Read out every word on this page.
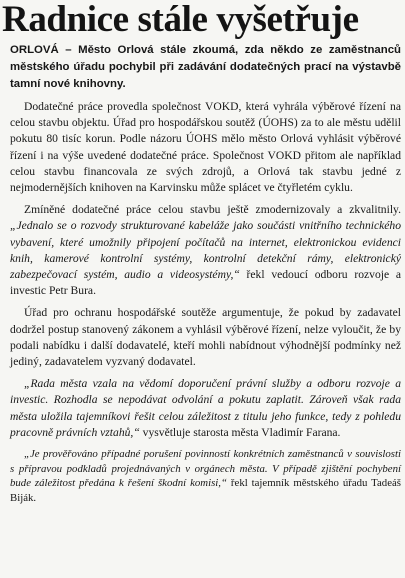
Radnice stále vyšetřuje

ORLOVÁ – Město Orlová stále zkoumá, zda někdo ze zaměstnanců městského úřadu pochybil při zadávání dodatečných prací na výstavbě tamní nové knihovny.

Dodatečné práce provedla společnost VOKD, která vyhrála výběrové řízení na celou stavbu objektu. Úřad pro hospodářskou soutěž (ÚOHS) za to ale městu udělil pokutu 80 tisíc korun. Podle názoru ÚOHS mělo město Orlová vyhlásit výběrové řízení i na výše uvedené dodatečné práce. Společnost VOKD přitom ale například celou stavbu financovala ze svých zdrojů, a Orlová tak stavbu jedné z nejmodernějších knihoven na Karvinsku může splácet ve čtyřletém cyklu.

Zmíněné dodatečné práce celou stavbu ještě zmodernizovaly a zkvalitnily. „Jednalo se o rozvody strukturované kabeláže jako součásti vnitřního technického vybavení, které umožnily připojení počítačů na internet, elektronickou evidenci knih, kamerové kontrolní systémy, kontrolní detekční rámy, elektronický zabezpečovací systém, audio a videosystémy,“ řekl vedoucí odboru rozvoje a investic Petr Bura.

Úřad pro ochranu hospodářské soutěže argumentuje, že pokud by zadavatel dodržel postup stanovený zákonem a vyhlásil výběrové řízení, nelze vyloučit, že by podali nabídku i další dodavatelé, kteří mohli nabídnout výhodnější podmínky než jediný, zadavatelem vyzvaný dodavatel.

„Rada města vzala na vědomí doporučení právní služby a odboru rozvoje a investic. Rozhodla se nepodávat odvolání a pokutu zaplatit. Zároveň však rada města uložila tajemníkovi řešit celou záležitost z titulu jeho funkce, tedy z pohledu pracovně právních vztahů,“ vysvětluje starosta města Vladimír Farana.

„Je prověřováno případné porušení povinností konkrétních zaměstnanců v souvislosti s přípravou podkladů projednávaných v orgánech města. V případě zjištění pochybení bude záležitost předána k řešení škodní komisi,“ řekl tajemník městského úřadu Tadeáš Biják.
